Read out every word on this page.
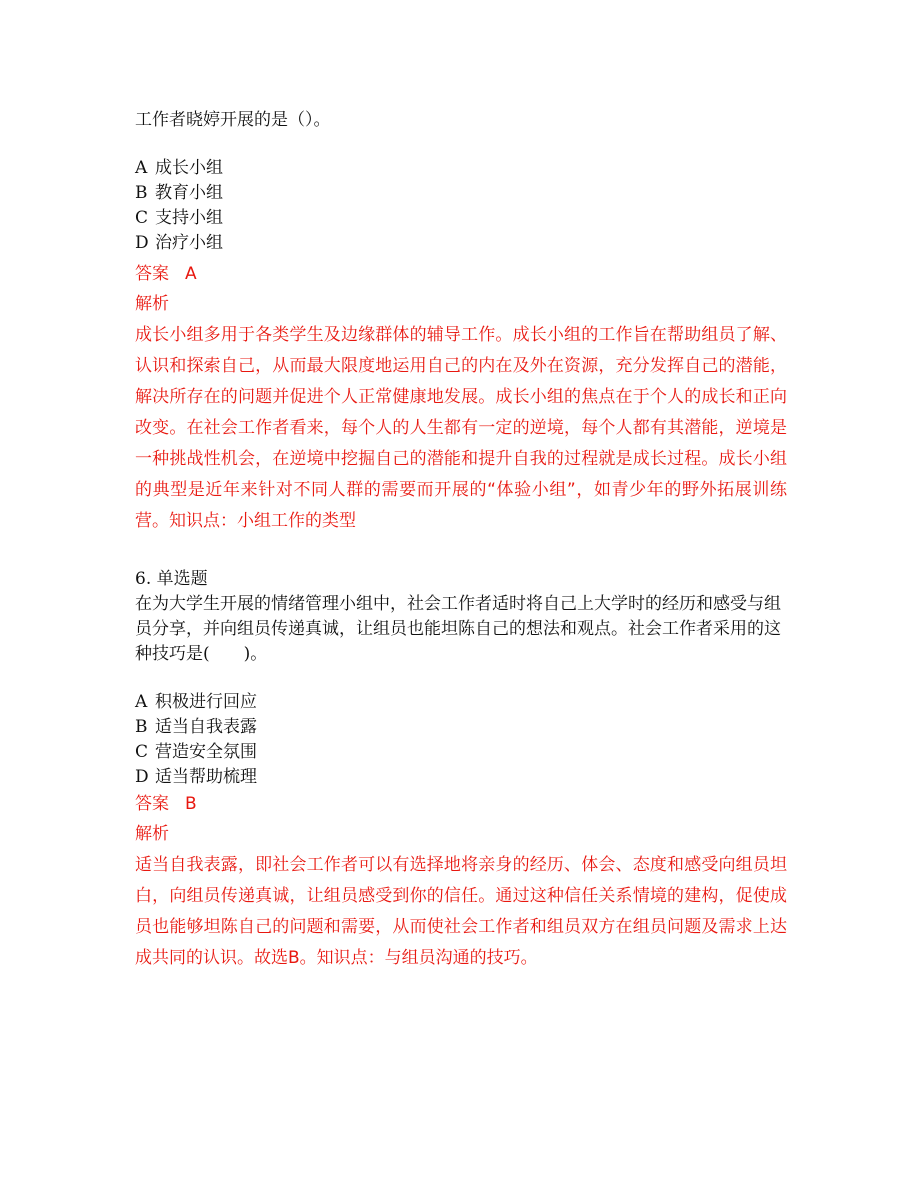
工作者晓婷开展的是（）。
A 成长小组
B 教育小组
C 支持小组
D 治疗小组
答案 A
解析
成长小组多用于各类学生及边缘群体的辅导工作。成长小组的工作旨在帮助组员了解、认识和探索自己，从而最大限度地运用自己的内在及外在资源，充分发挥自己的潜能，解决所存在的问题并促进个人正常健康地发展。成长小组的焦点在于个人的成长和正向改变。在社会工作者看来，每个人的人生都有一定的逆境，每个人都有其潜能，逆境是一种挑战性机会，在逆境中挖掘自己的潜能和提升自我的过程就是成长过程。成长小组的典型是近年来针对不同人群的需要而开展的“体验小组”，如青少年的野外拓展训练营。知识点：小组工作的类型
6. 单选题
在为大学生开展的情绪管理小组中，社会工作者适时将自己上大学时的经历和感受与组员分享，并向组员传递真诚，让组员也能坦陈自己的想法和观点。社会工作者采用的这种技巧是(　　)。
A 积极进行回应
B 适当自我表露
C 营造安全氛围
D 适当帮助梳理
答案 B
解析
适当自我表露，即社会工作者可以有选择地将亲身的经历、体会、态度和感受向组员坦白，向组员传递真诚，让组员感受到你的信任。通过这种信任关系情境的建构，促使成员也能够坦陈自己的问题和需要，从而使社会工作者和组员双方在组员问题及需求上达成共同的认识。故选B。知识点：与组员沟通的技巧。
